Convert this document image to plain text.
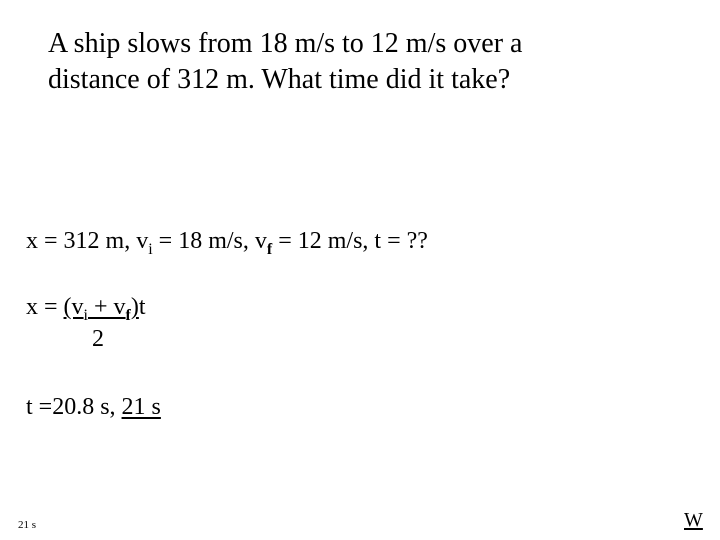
A ship slows from 18 m/s to 12 m/s over a
distance of 312 m. What time did it take?
x = 312 m, $v_i = 18$ m/s, $v_f = 12$ m/s, t = ??
$x = (v_i + v_f)t$
2
t =20.8 s, 21 s
21 s	W
